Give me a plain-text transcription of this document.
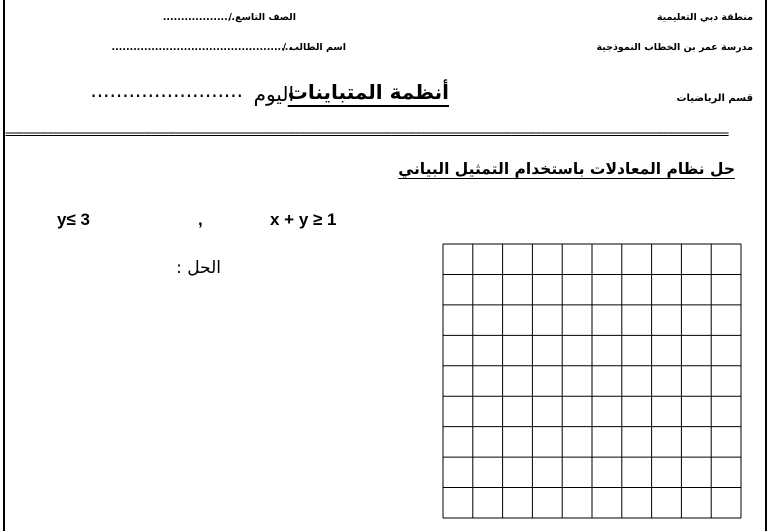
منطقة دبي التعليمية
مدرسة عمر بن الخطاب النموذجية
قسم الرياضيات
الصف التاسع /
....................
اسم الطالب /
..................................................
أنظمة المتباينات
اليوم
........................
========================================================================================================================
حل نظام المعادلات باستخدام التمثيل البياني
y≤ 3	,	x + y ≥ 1
الحل :
